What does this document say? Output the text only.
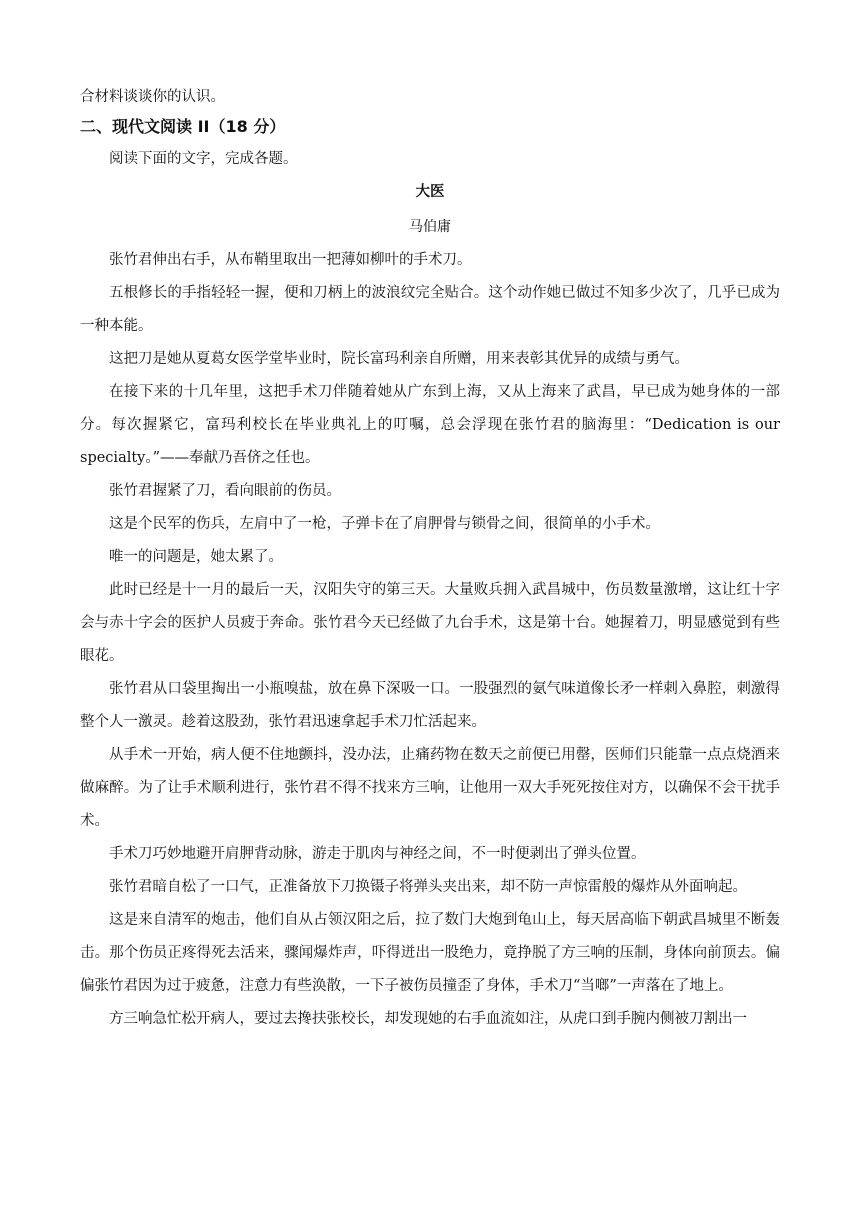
合材料谈谈你的认识。

二、现代文阅读 II（18 分）

阅读下面的文字，完成各题。

大医

马伯庸

张竹君伸出右手，从布鞘里取出一把薄如柳叶的手术刀。

五根修长的手指轻轻一握，便和刀柄上的波浪纹完全贴合。这个动作她已做过不知多少次了，几乎已成为一种本能。

这把刀是她从夏葛女医学堂毕业时，院长富玛利亲自所赠，用来表彰其优异的成绩与勇气。

在接下来的十几年里，这把手术刀伴随着她从广东到上海，又从上海来了武昌，早已成为她身体的一部分。每次握紧它，富玛利校长在毕业典礼上的叮嘱，总会浮现在张竹君的脑海里：“Dedication is our specialty。”——奉献乃吾侪之任也。

张竹君握紧了刀，看向眼前的伤员。

这是个民军的伤兵，左肩中了一枪，子弹卡在了肩胛骨与锁骨之间，很简单的小手术。

唯一的问题是，她太累了。

此时已经是十一月的最后一天，汉阳失守的第三天。大量败兵拥入武昌城中，伤员数量激增，这让红十字会与赤十字会的医护人员疲于奔命。张竹君今天已经做了九台手术，这是第十台。她握着刀，明显感觉到有些眼花。

张竹君从口袋里掏出一小瓶嗅盐，放在鼻下深吸一口。一股强烈的氨气味道像长矛一样刺入鼻腔，刺激得整个人一激灵。趁着这股劲，张竹君迅速拿起手术刀忙活起来。

从手术一开始，病人便不住地颤抖，没办法，止痛药物在数天之前便已用罄，医师们只能靠一点点烧酒来做麻醉。为了让手术顺利进行，张竹君不得不找来方三响，让他用一双大手死死按住对方，以确保不会干扰手术。

手术刀巧妙地避开肩胛背动脉，游走于肌肉与神经之间，不一时便剥出了弹头位置。

张竹君暗自松了一口气，正准备放下刀换镊子将弹头夹出来，却不防一声惊雷般的爆炸从外面响起。

这是来自清军的炮击，他们自从占领汉阳之后，拉了数门大炮到龟山上，每天居高临下朝武昌城里不断轰击。那个伤员正疼得死去活来，骤闻爆炸声，吓得迸出一股绝力，竟挣脱了方三响的压制，身体向前顶去。偏偏张竹君因为过于疲惫，注意力有些涣散，一下子被伤员撞歪了身体，手术刀“当啷”一声落在了地上。

方三响急忙松开病人，要过去搀扶张校长，却发现她的右手血流如注，从虎口到手腕内侧被刀割出一
